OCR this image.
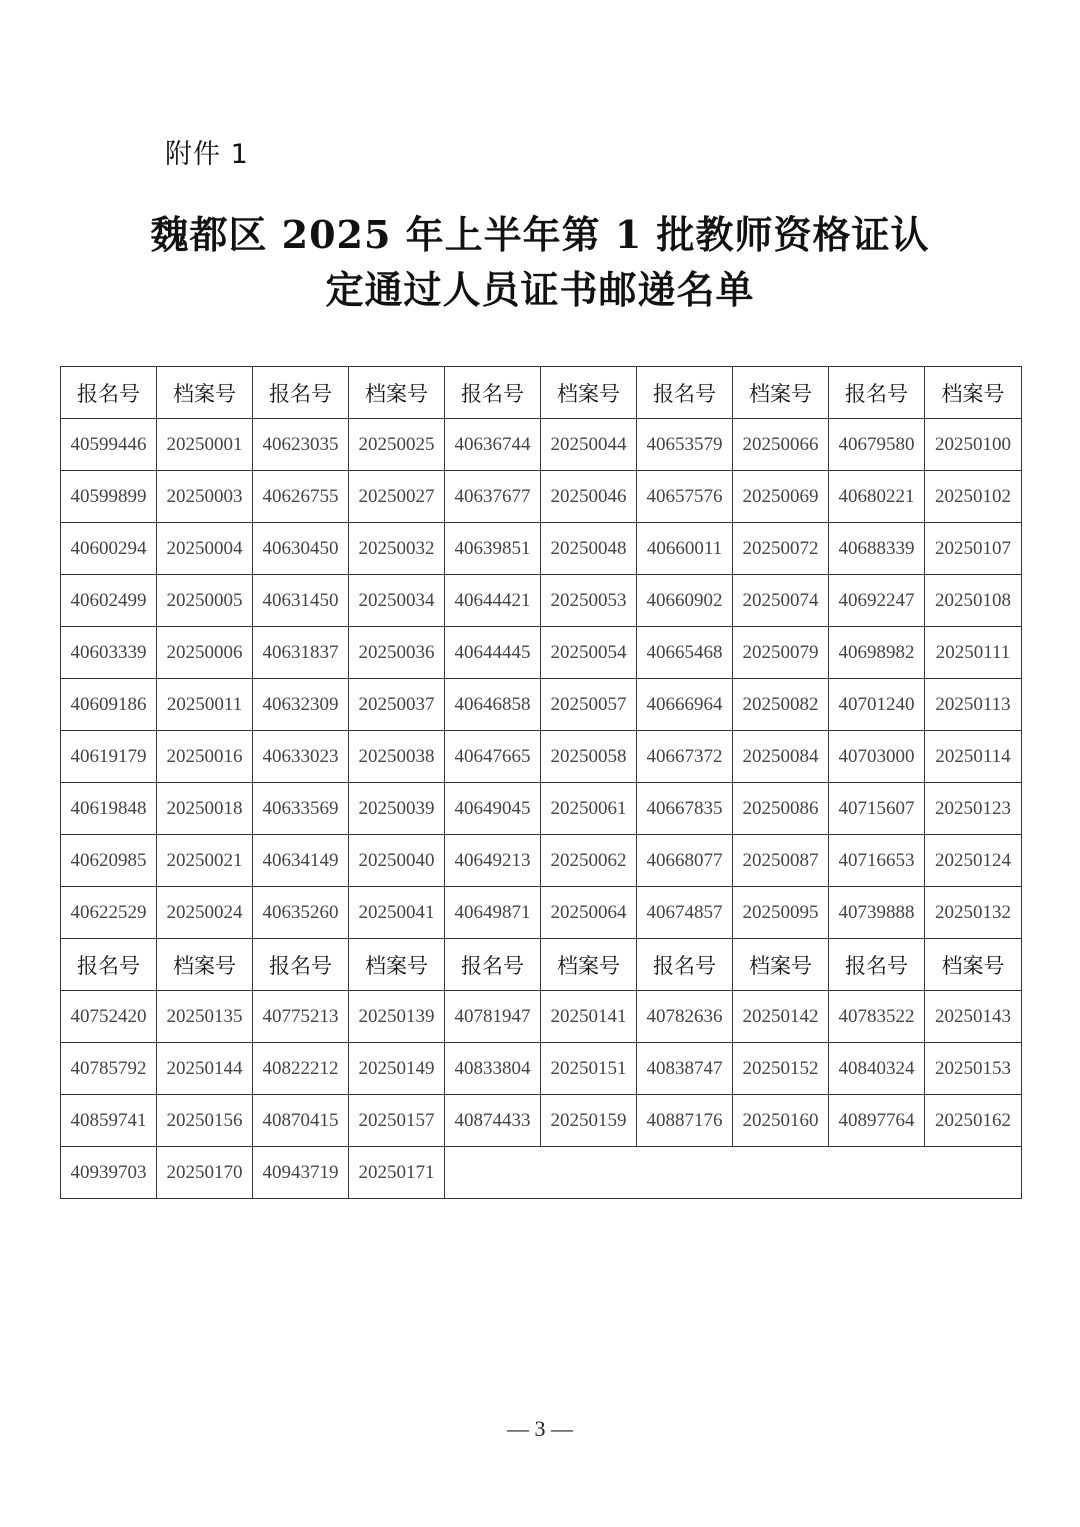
附件 1
魏都区 2025 年上半年第 1 批教师资格证认
定通过人员证书邮递名单
报名号	档案号	报名号	档案号	报名号	档案号	报名号	档案号	报名号	档案号
40599446	20250001	40623035	20250025	40636744	20250044	40653579	20250066	40679580	20250100
40599899	20250003	40626755	20250027	40637677	20250046	40657576	20250069	40680221	20250102
40600294	20250004	40630450	20250032	40639851	20250048	40660011	20250072	40688339	20250107
40602499	20250005	40631450	20250034	40644421	20250053	40660902	20250074	40692247	20250108
40603339	20250006	40631837	20250036	40644445	20250054	40665468	20250079	40698982	20250111
40609186	20250011	40632309	20250037	40646858	20250057	40666964	20250082	40701240	20250113
40619179	20250016	40633023	20250038	40647665	20250058	40667372	20250084	40703000	20250114
40619848	20250018	40633569	20250039	40649045	20250061	40667835	20250086	40715607	20250123
40620985	20250021	40634149	20250040	40649213	20250062	40668077	20250087	40716653	20250124
40622529	20250024	40635260	20250041	40649871	20250064	40674857	20250095	40739888	20250132
报名号	档案号	报名号	档案号	报名号	档案号	报名号	档案号	报名号	档案号
40752420	20250135	40775213	20250139	40781947	20250141	40782636	20250142	40783522	20250143
40785792	20250144	40822212	20250149	40833804	20250151	40838747	20250152	40840324	20250153
40859741	20250156	40870415	20250157	40874433	20250159	40887176	20250160	40897764	20250162
40939703	20250170	40943719	20250171						
— 3 —
